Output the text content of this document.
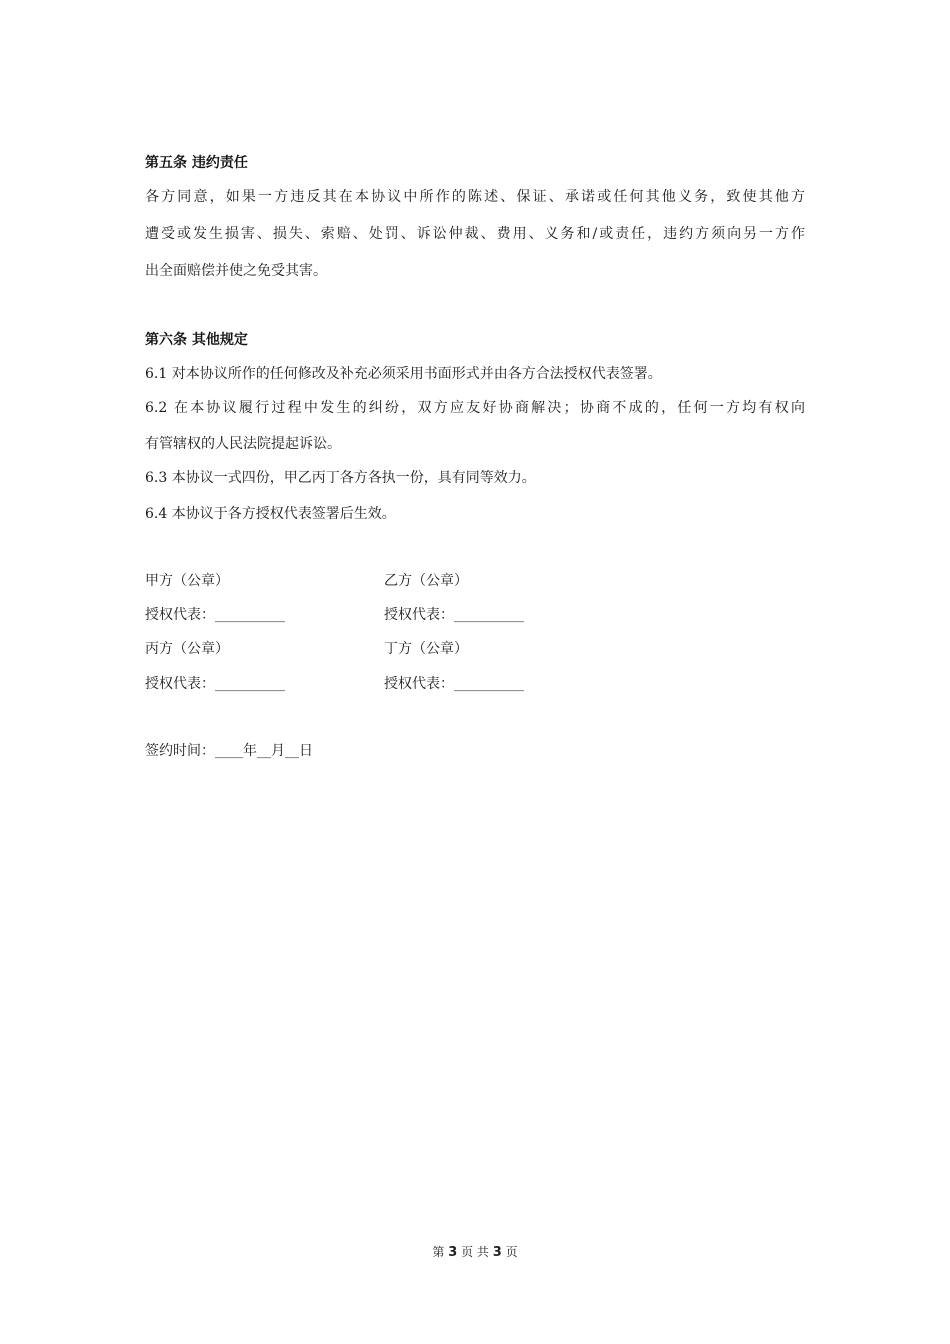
第五条 违约责任
各方同意，如果一方违反其在本协议中所作的陈述、保证、承诺或任何其他义务，致使其他方
遭受或发生损害、损失、索赔、处罚、诉讼仲裁、费用、义务和/或责任，违约方须向另一方作
出全面赔偿并使之免受其害。
第六条 其他规定
6.1 对本协议所作的任何修改及补充必须采用书面形式并由各方合法授权代表签署。
6.2 在本协议履行过程中发生的纠纷，双方应友好协商解决；协商不成的，任何一方均有权向
有管辖权的人民法院提起诉讼。
6.3 本协议一式四份，甲乙丙丁各方各执一份，具有同等效力。
6.4 本协议于各方授权代表签署后生效。
甲方（公章）	乙方（公章）
授权代表：__________	授权代表：__________
丙方（公章）	丁方（公章）
授权代表：__________	授权代表：__________
签约时间：____年__月__日
第 3 页 共 3 页
